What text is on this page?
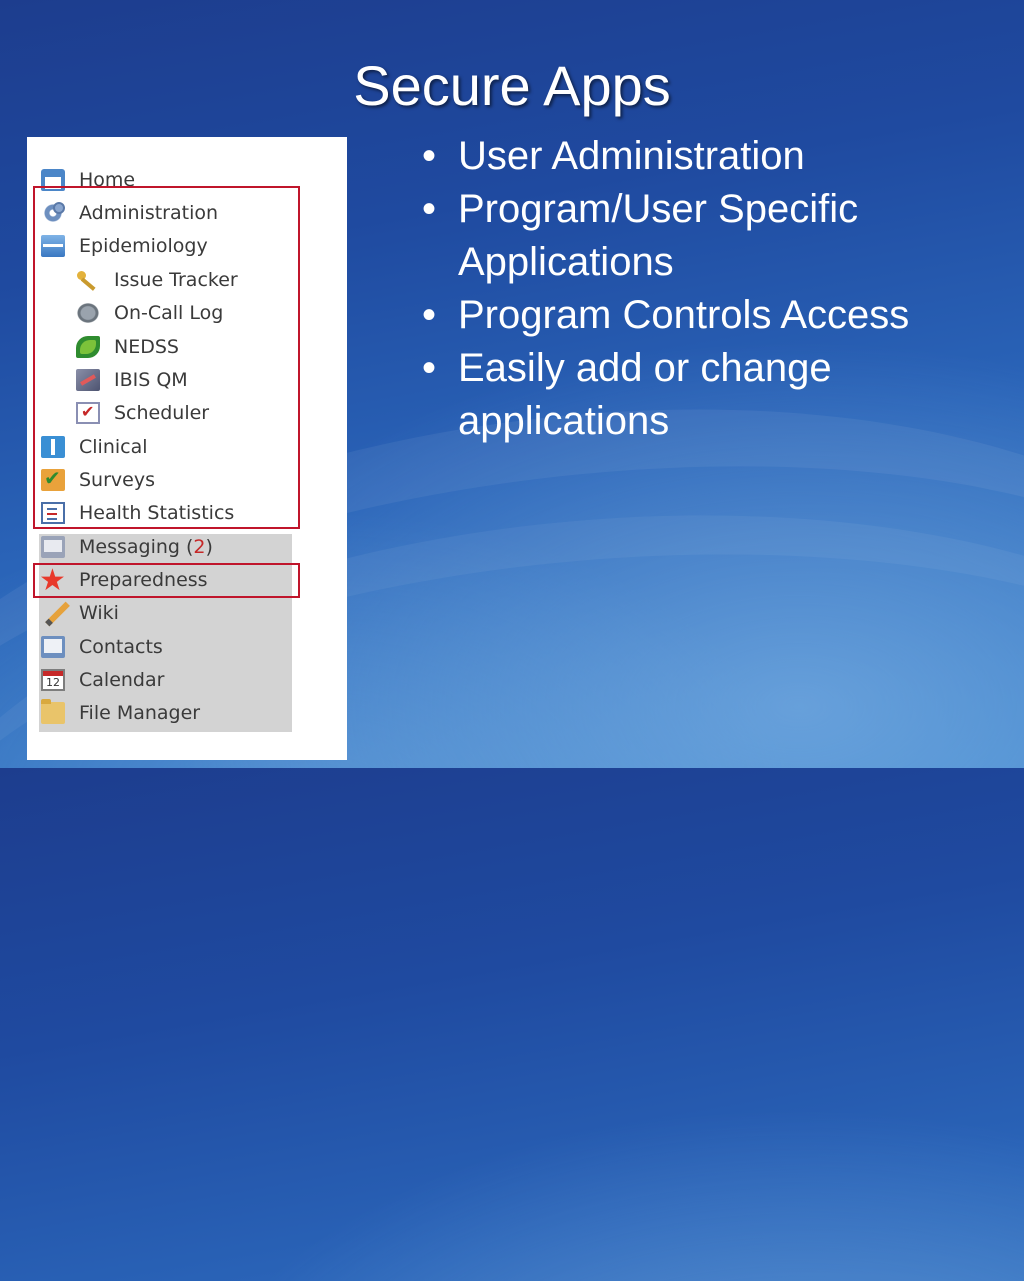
Secure Apps
Home
Administration
Epidemiology
Issue Tracker
On-Call Log
NEDSS
IBIS QM
✔
Scheduler
Clinical
✔
Surveys
Health Statistics
Messaging (2)
★
Preparedness
Wiki
Contacts
12
Calendar
File Manager
• User Administration
• Program/User Specific Applications
• Program Controls Access
• Easily add or change applications
